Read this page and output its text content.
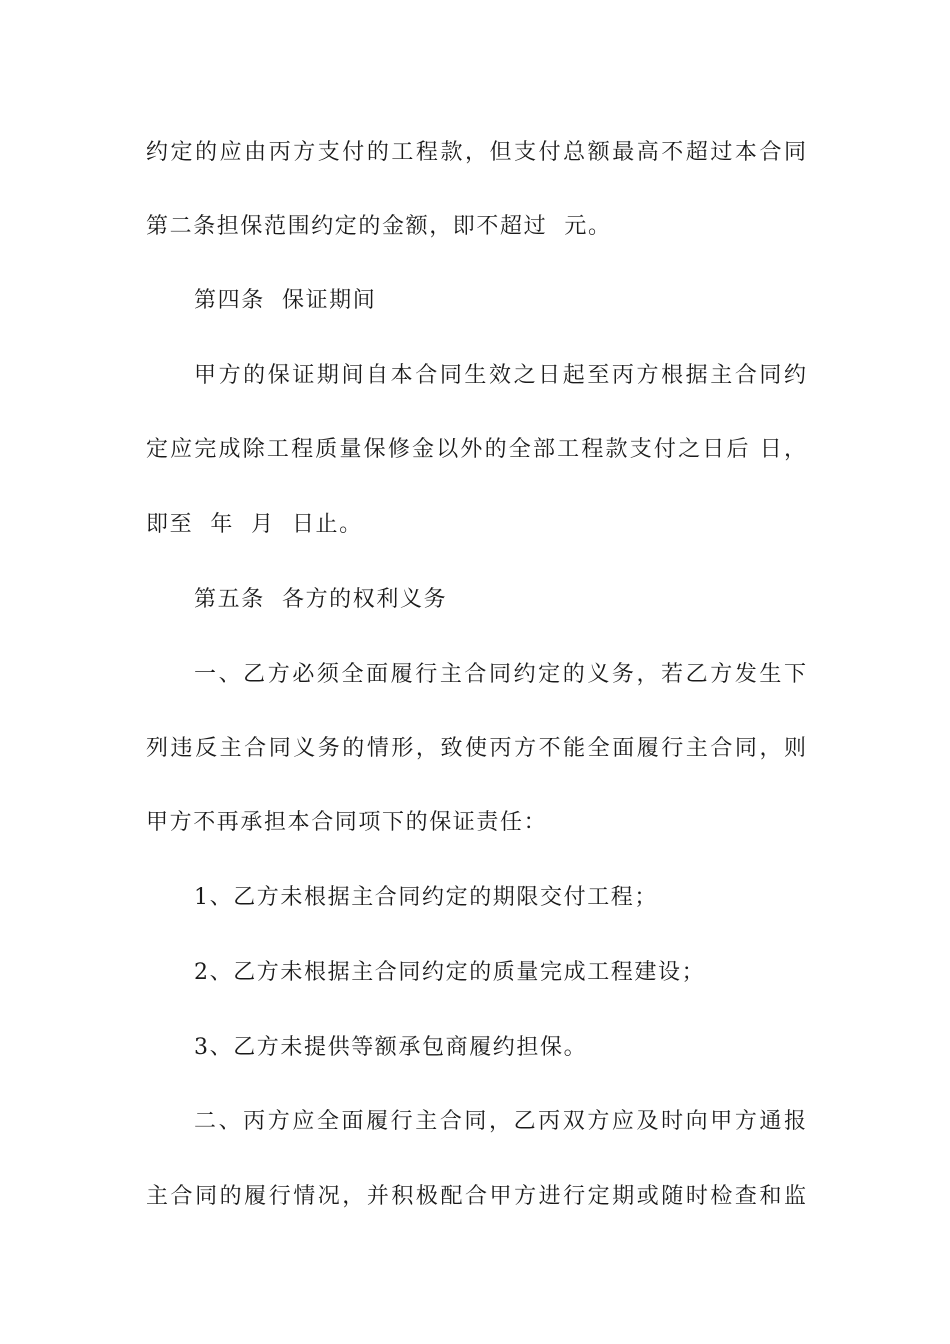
约定的应由丙方支付的工程款，但支付总额最高不超过本合同

第二条担保范围约定的金额，即不超过  元。

第四条  保证期间

甲方的保证期间自本合同生效之日起至丙方根据主合同约

定应完成除工程质量保修金以外的全部工程款支付之日后 日，

即至  年  月  日止。

第五条  各方的权利义务

一、乙方必须全面履行主合同约定的义务，若乙方发生下

列违反主合同义务的情形，致使丙方不能全面履行主合同，则

甲方不再承担本合同项下的保证责任：

1、乙方未根据主合同约定的期限交付工程；

2、乙方未根据主合同约定的质量完成工程建设；

3、乙方未提供等额承包商履约担保。

二、丙方应全面履行主合同，乙丙双方应及时向甲方通报

主合同的履行情况，并积极配合甲方进行定期或随时检查和监
